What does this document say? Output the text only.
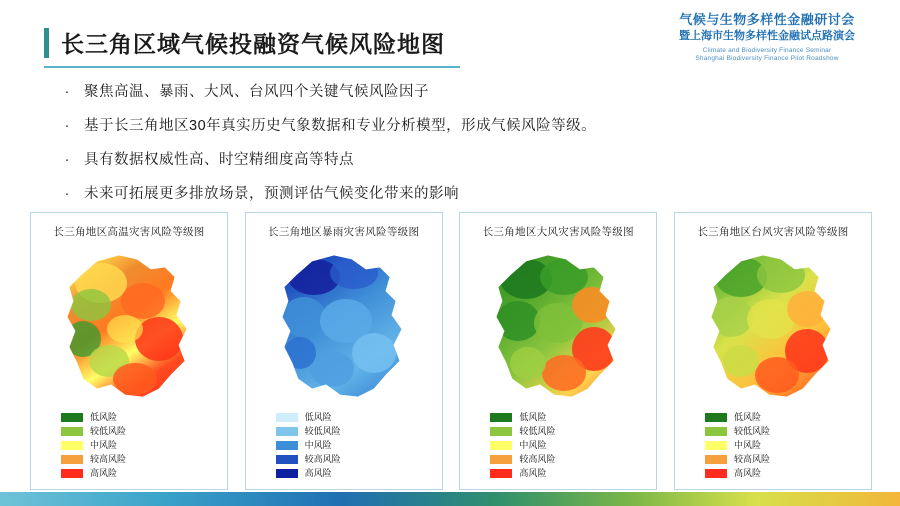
气候与生物多样性金融研讨会
暨上海市生物多样性金融试点路演会
Climate and Biodiversity Finance Seminar
Shanghai Biodiversity Finance Pilot Roadshow
长三角区域气候投融资气候风险地图
·	聚焦高温、暴雨、大风、台风四个关键气候风险因子
·	基于长三角地区30年真实历史气象数据和专业分析模型，形成气候风险等级。
·	具有数据权威性高、时空精细度高等特点
·	未来可拓展更多排放场景，预测评估气候变化带来的影响
长三角地区高温灾害风险等级图
低风险
较低风险
中风险
较高风险
高风险
长三角地区暴雨灾害风险等级图
低风险
较低风险
中风险
较高风险
高风险
长三角地区大风灾害风险等级图
低风险
较低风险
中风险
较高风险
高风险
长三角地区台风灾害风险等级图
低风险
较低风险
中风险
较高风险
高风险
